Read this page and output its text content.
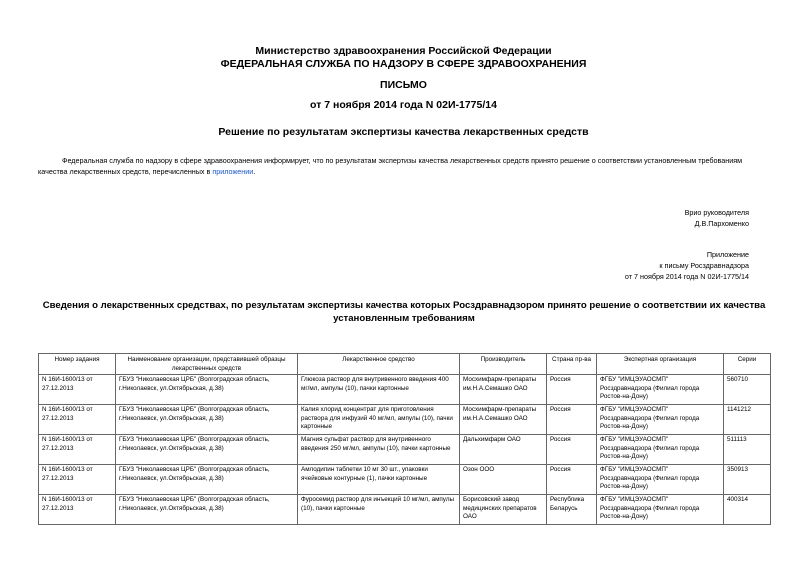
Министерство здравоохранения Российской Федерации
ФЕДЕРАЛЬНАЯ СЛУЖБА ПО НАДЗОРУ В СФЕРЕ ЗДРАВООХРАНЕНИЯ
ПИСЬМО
от 7 ноября 2014 года N 02И-1775/14
Решение по результатам экспертизы качества лекарственных средств
Федеральная служба по надзору в сфере здравоохранения информирует, что по результатам экспертизы качества лекарственных средств принято решение о соответствии установленным требованиям качества лекарственных средств, перечисленных в приложении.
Врио руководителя
Д.В.Пархоменко
Приложение
к письму Росздравнадзора
от 7 ноября 2014 года N 02И-1775/14
Сведения о лекарственных средствах, по результатам экспертизы качества которых Росздравнадзором принято решение о соответствии их качества установленным требованиям
Номер задания	Наименование организации, представившей образцы лекарственных средств	Лекарственное средство	Производитель	Страна пр-ва	Экспертная организация	Серии
N 16И-1600/13 от 27.12.2013	ГБУЗ "Николаевская ЦРБ" (Волгоградская область, г.Николаевск, ул.Октябрьская, д.38)	Глюкоза раствор для внутривенного введения 400 мг/мл, ампулы (10), пачки картонные	Мосхимфарм-препараты им.Н.А.Семашко ОАО	Россия	ФГБУ "ИМЦЭУАОСМП" Росздравнадзора (Филиал города Ростов-на-Дону)	560710
N 16И-1600/13 от 27.12.2013	ГБУЗ "Николаевская ЦРБ" (Волгоградская область, г.Николаевск, ул.Октябрьская, д.38)	Калия хлорид концентрат для приготовления раствора для инфузий 40 мг/мл, ампулы (10), пачки картонные	Мосхимфарм-препараты им.Н.А.Семашко ОАО	Россия	ФГБУ "ИМЦЭУАОСМП" Росздравнадзора (Филиал города Ростов-на-Дону)	1141212
N 16И-1600/13 от 27.12.2013	ГБУЗ "Николаевская ЦРБ" (Волгоградская область, г.Николаевск, ул.Октябрьская, д.38)	Магния сульфат раствор для внутривенного введения 250 мг/мл, ампулы (10), пачки картонные	Дальхимфарм ОАО	Россия	ФГБУ "ИМЦЭУАОСМП" Росздравнадзора (Филиал города Ростов-на-Дону)	511113
N 16И-1600/13 от 27.12.2013	ГБУЗ "Николаевская ЦРБ" (Волгоградская область, г.Николаевск, ул.Октябрьская, д.38)	Амлодипин таблетки 10 мг 30 шт., упаковки ячейковые контурные (1), пачки картонные	Озон ООО	Россия	ФГБУ "ИМЦЭУАОСМП" Росздравнадзора (Филиал города Ростов-на-Дону)	350913
N 16И-1600/13 от 27.12.2013	ГБУЗ "Николаевская ЦРБ" (Волгоградская область, г.Николаевск, ул.Октябрьская, д.38)	Фуросемид раствор для инъекций 10 мг/мл, ампулы (10), пачки картонные	Борисовский завод медицинских препаратов ОАО	Республика Беларусь	ФГБУ "ИМЦЭУАОСМП" Росздравнадзора (Филиал города Ростов-на-Дону)	400314
